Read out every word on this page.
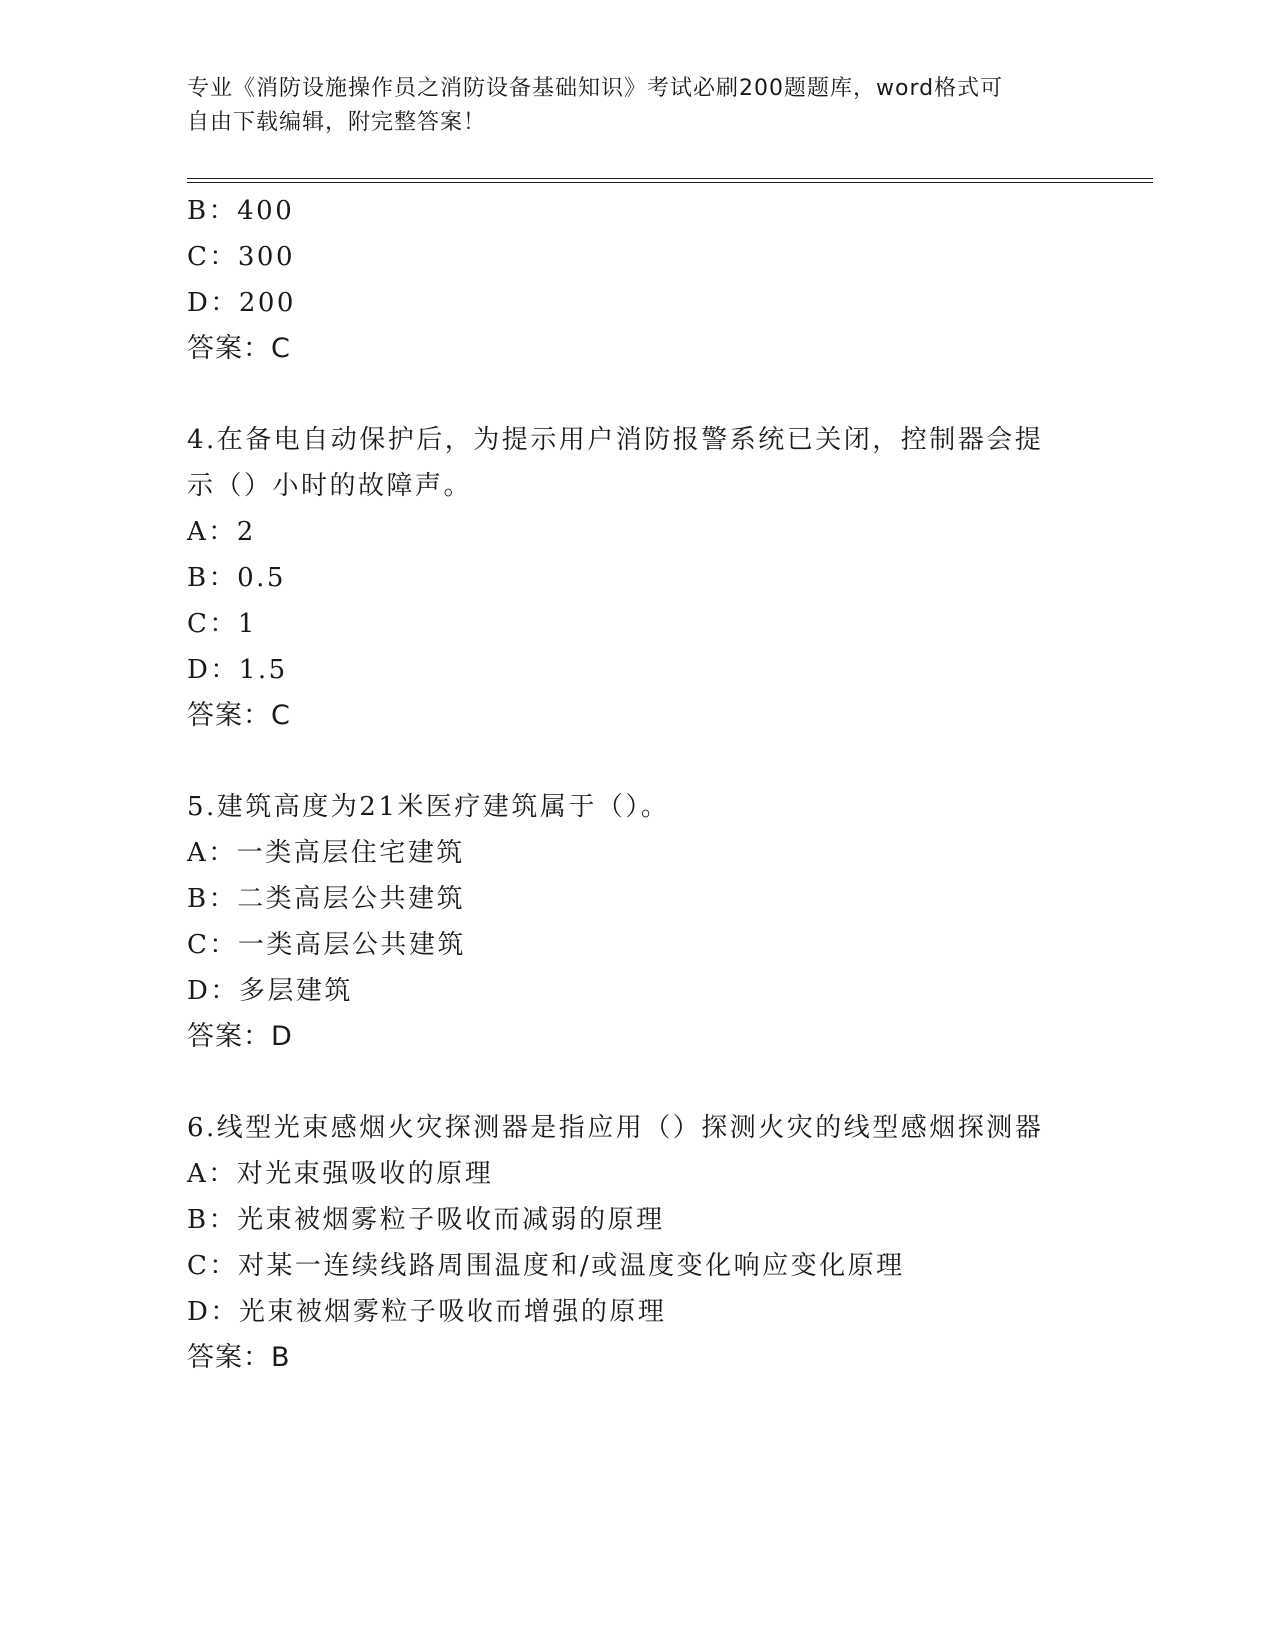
专业《消防设施操作员之消防设备基础知识》考试必刷200题题库，word格式可
自由下载编辑，附完整答案！
B：400
C：300
D：200
答案：C
4.在备电自动保护后，为提示用户消防报警系统已关闭，控制器会提
示（）小时的故障声。
A：2
B：0.5
C：1
D：1.5
答案：C
5.建筑高度为21米医疗建筑属于（）。
A：一类高层住宅建筑
B：二类高层公共建筑
C：一类高层公共建筑
D：多层建筑
答案：D
6.线型光束感烟火灾探测器是指应用（）探测火灾的线型感烟探测器
A：对光束强吸收的原理
B：光束被烟雾粒子吸收而减弱的原理
C：对某一连续线路周围温度和/或温度变化响应变化原理
D：光束被烟雾粒子吸收而增强的原理
答案：B
